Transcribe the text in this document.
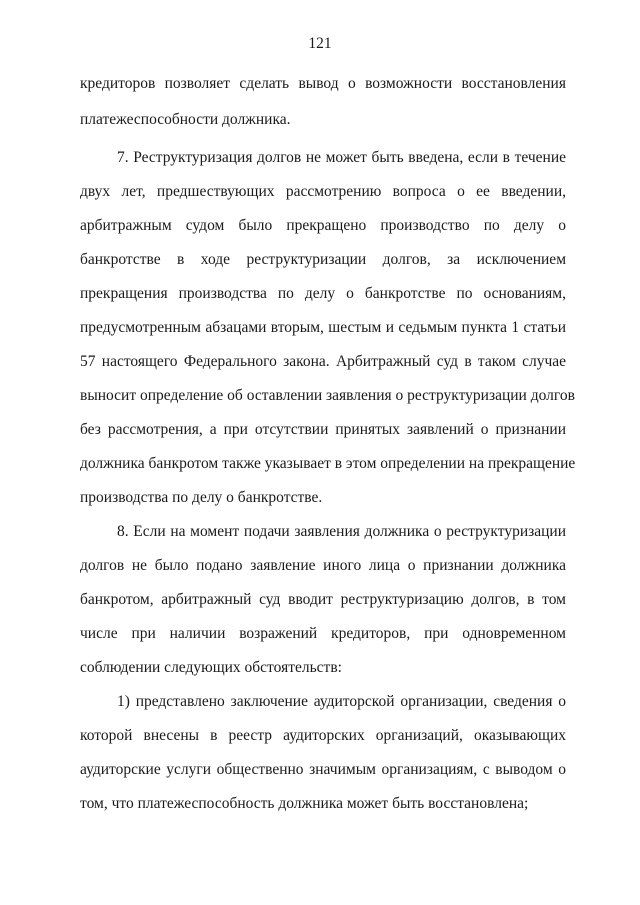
121
кредиторов позволяет сделать вывод о возможности восстановления
платежеспособности должника.
7. Реструктуризация долгов не может быть введена, если в течение
двух лет, предшествующих рассмотрению вопроса о ее введении,
арбитражным судом было прекращено производство по делу о
банкротстве в ходе реструктуризации долгов, за исключением
прекращения производства по делу о банкротстве по основаниям,
предусмотренным абзацами вторым, шестым и седьмым пункта 1 статьи
57 настоящего Федерального закона. Арбитражный суд в таком случае
выносит определение об оставлении заявления о реструктуризации долгов
без рассмотрения, а при отсутствии принятых заявлений о признании
должника банкротом также указывает в этом определении на прекращение
производства по делу о банкротстве.
8. Если на момент подачи заявления должника о реструктуризации
долгов не было подано заявление иного лица о признании должника
банкротом, арбитражный суд вводит реструктуризацию долгов, в том
числе при наличии возражений кредиторов, при одновременном
соблюдении следующих обстоятельств:
1) представлено заключение аудиторской организации, сведения о
которой внесены в реестр аудиторских организаций, оказывающих
аудиторские услуги общественно значимым организациям, с выводом о
том, что платежеспособность должника может быть восстановлена;
